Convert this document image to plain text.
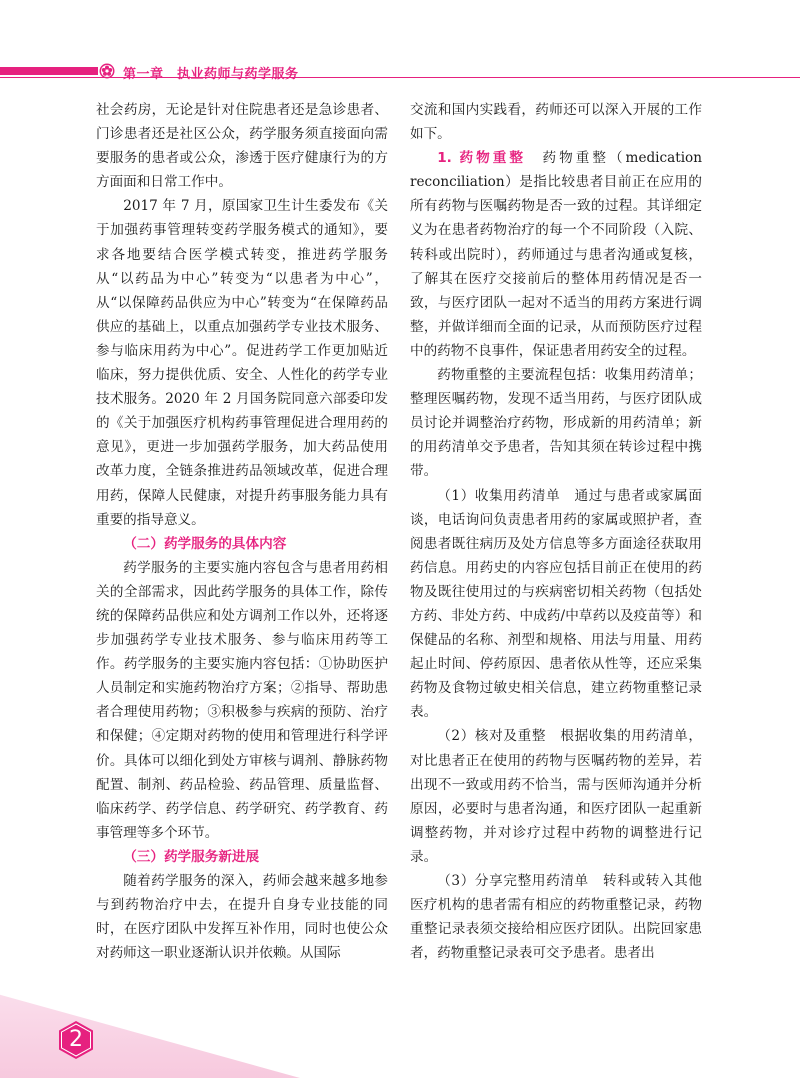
第一章　执业药师与药学服务

社会药房，无论是针对住院患者还是急诊患者、门诊患者还是社区公众，药学服务须直接面向需要服务的患者或公众，渗透于医疗健康行为的方方面面和日常工作中。

2017 年 7 月，原国家卫生计生委发布《关于加强药事管理转变药学服务模式的通知》，要求各地要结合医学模式转变，推进药学服务从“以药品为中心”转变为“以患者为中心”，从“以保障药品供应为中心”转变为“在保障药品供应的基础上，以重点加强药学专业技术服务、参与临床用药为中心”。促进药学工作更加贴近临床，努力提供优质、安全、人性化的药学专业技术服务。2020 年 2 月国务院同意六部委印发的《关于加强医疗机构药事管理促进合理用药的意见》，更进一步加强药学服务，加大药品使用改革力度，全链条推进药品领域改革，促进合理用药，保障人民健康，对提升药事服务能力具有重要的指导意义。

（二）药学服务的具体内容

药学服务的主要实施内容包含与患者用药相关的全部需求，因此药学服务的具体工作，除传统的保障药品供应和处方调剂工作以外，还将逐步加强药学专业技术服务、参与临床用药等工作。药学服务的主要实施内容包括：①协助医护人员制定和实施药物治疗方案；②指导、帮助患者合理使用药物；③积极参与疾病的预防、治疗和保健；④定期对药物的使用和管理进行科学评价。具体可以细化到处方审核与调剂、静脉药物配置、制剂、药品检验、药品管理、质量监督、临床药学、药学信息、药学研究、药学教育、药事管理等多个环节。

（三）药学服务新进展

随着药学服务的深入，药师会越来越多地参与到药物治疗中去，在提升自身专业技能的同时，在医疗团队中发挥互补作用，同时也使公众对药师这一职业逐渐认识并依赖。从国际

交流和国内实践看，药师还可以深入开展的工作如下。

1. 药物重整　药物重整（medication reconciliation）是指比较患者目前正在应用的所有药物与医嘱药物是否一致的过程。其详细定义为在患者药物治疗的每一个不同阶段（入院、转科或出院时），药师通过与患者沟通或复核，了解其在医疗交接前后的整体用药情况是否一致，与医疗团队一起对不适当的用药方案进行调整，并做详细而全面的记录，从而预防医疗过程中的药物不良事件，保证患者用药安全的过程。

药物重整的主要流程包括：收集用药清单；整理医嘱药物，发现不适当用药，与医疗团队成员讨论并调整治疗药物，形成新的用药清单；新的用药清单交予患者，告知其须在转诊过程中携带。

（1）收集用药清单　通过与患者或家属面谈，电话询问负责患者用药的家属或照护者，查阅患者既往病历及处方信息等多方面途径获取用药信息。用药史的内容应包括目前正在使用的药物及既往使用过的与疾病密切相关药物（包括处方药、非处方药、中成药/中草药以及疫苗等）和保健品的名称、剂型和规格、用法与用量、用药起止时间、停药原因、患者依从性等，还应采集药物及食物过敏史相关信息，建立药物重整记录表。

（2）核对及重整　根据收集的用药清单，对比患者正在使用的药物与医嘱药物的差异，若出现不一致或用药不恰当，需与医师沟通并分析原因，必要时与患者沟通，和医疗团队一起重新调整药物，并对诊疗过程中药物的调整进行记录。

（3）分享完整用药清单　转科或转入其他医疗机构的患者需有相应的药物重整记录，药物重整记录表须交接给相应医疗团队。出院回家患者，药物重整记录表可交予患者。患者出

2
